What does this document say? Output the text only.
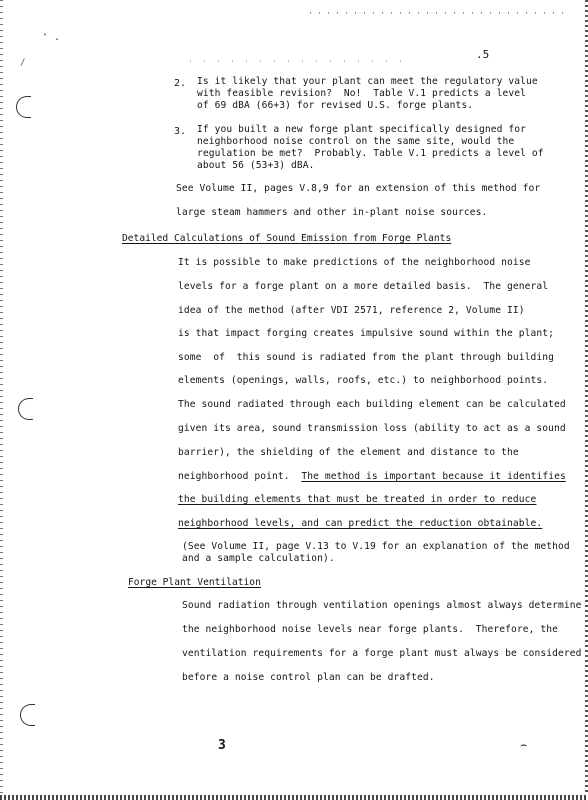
' .
/
.5
2. Is it likely that your plant can meet the regulatory value
with feasible revision?  No!  Table V.1 predicts a level
of 69 dBA (66+3) for revised U.S. forge plants.
3. If you built a new forge plant specifically designed for
neighborhood noise control on the same site, would the
regulation be met?  Probably. Table V.1 predicts a level of
about 56 (53+3) dBA.
See Volume II, pages V.8,9 for an extension of this method for
large steam hammers and other in-plant noise sources.
Detailed Calculations of Sound Emission from Forge Plants
It is possible to make predictions of the neighborhood noise
levels for a forge plant on a more detailed basis.  The general
idea of the method (after VDI 2571, reference 2, Volume II)
is that impact forging creates impulsive sound within the plant;
some  of  this sound is radiated from the plant through building
elements (openings, walls, roofs, etc.) to neighborhood points.
The sound radiated through each building element can be calculated
given its area, sound transmission loss (ability to act as a sound
barrier), the shielding of the element and distance to the
neighborhood point.  The method is important because it identifies
the building elements that must be treated in order to reduce
neighborhood levels, and can predict the reduction obtainable.
(See Volume II, page V.13 to V.19 for an explanation of the method
and a sample calculation).
Forge Plant Ventilation
Sound radiation through ventilation openings almost always determine
the neighborhood noise levels near forge plants.  Therefore, the
ventilation requirements for a forge plant must always be considered
before a noise control plan can be drafted.
3	⌢
